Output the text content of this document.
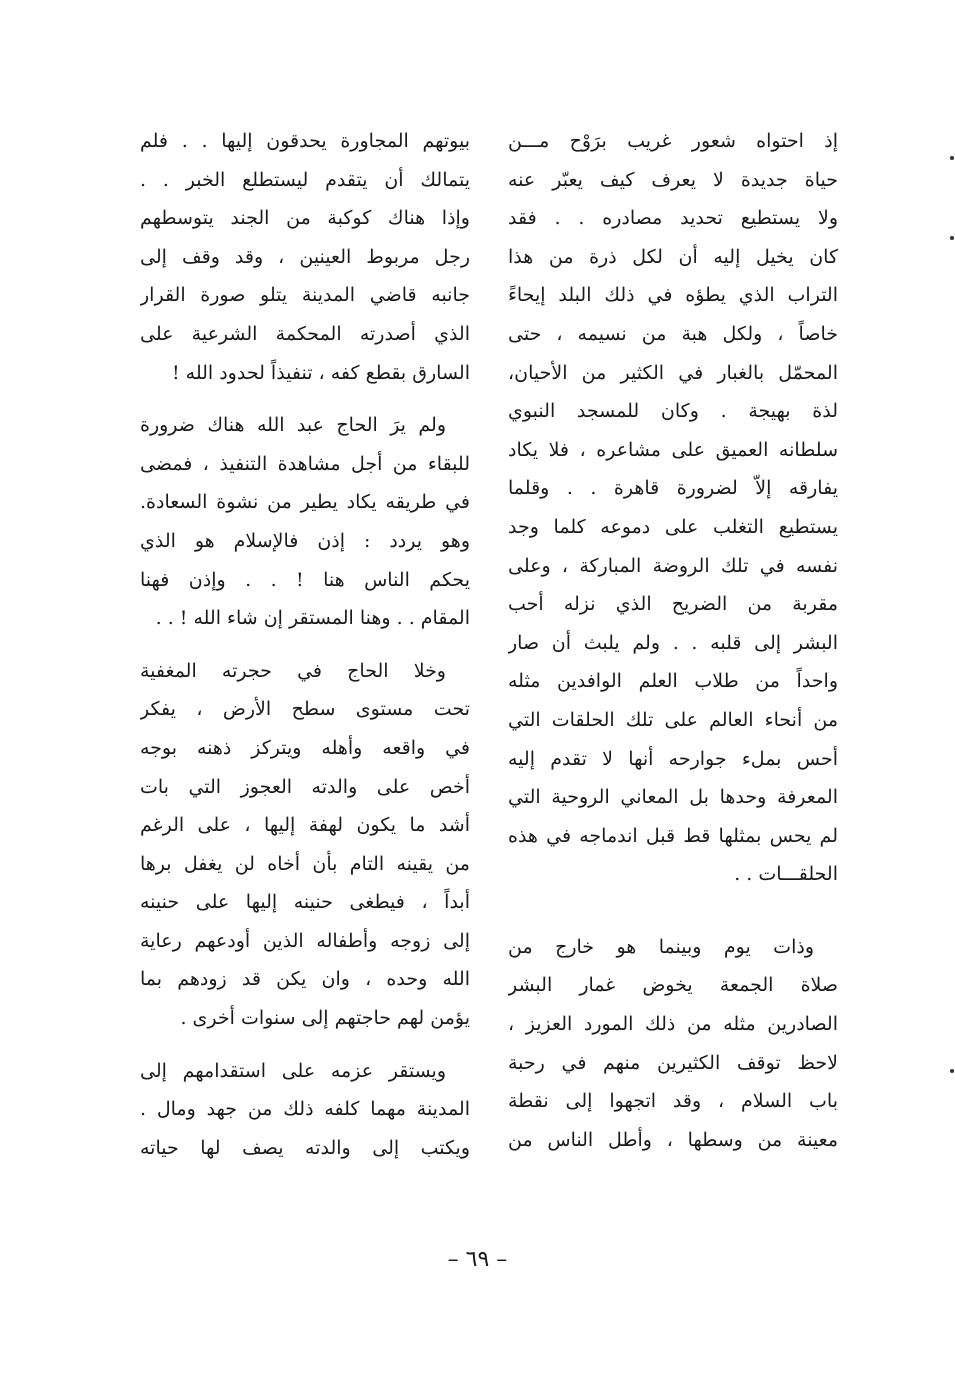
إذ احتواه شعور غريب برَوْح مـــن
حياة جديدة لا يعرف كيف يعبّر عنه
ولا يستطيع تحديد مصادره . . فقد
كان يخيل إليه أن لكل ذرة من هذا
التراب الذي يطؤه في ذلك البلد إيحاءً
خاصاً ، ولكل هبة من نسيمه ، حتى
المحمّل بالغبار في الكثير من الأحيان،
لذة بهيجة . وكان للمسجد النبوي
سلطانه العميق على مشاعره ، فلا يكاد
يفارقه إلاّ لضرورة قاهرة . . وقلما
يستطيع التغلب على دموعه كلما وجد
نفسه في تلك الروضة المباركة ، وعلى
مقربة من الضريح الذي نزله أحب
البشر إلى قلبه . . ولم يلبث أن صار
واحداً من طلاب العلم الوافدين مثله
من أنحاء العالم على تلك الحلقات التي
أحس بملء جوارحه أنها لا تقدم إليه
المعرفة وحدها بل المعاني الروحية التي
لم يحس بمثلها قط قبل اندماجه في هذه
الحلقـــات . .
وذات يوم وبينما هو خارج من
صلاة الجمعة يخوض غمار البشر
الصادرين مثله من ذلك المورد العزيز ،
لاحظ توقف الكثيرين منهم في رحبة
باب السلام ، وقد اتجهوا إلى نقطة
معينة من وسطها ، وأطل الناس من
بيوتهم المجاورة يحدقون إليها . . فلم
يتمالك أن يتقدم ليستطلع الخبر . .
وإذا هناك كوكبة من الجند يتوسطهم
رجل مربوط العينين ، وقد وقف إلى
جانبه قاضي المدينة يتلو صورة القرار
الذي أصدرته المحكمة الشرعية على
السارق بقطع كفه ، تنفيذاً لحدود الله !
ولم يرَ الحاج عبد الله هناك ضرورة
للبقاء من أجل مشاهدة التنفيذ ، فمضى
في طريقه يكاد يطير من نشوة السعادة.
وهو يردد : إذن فالإسلام هو الذي
يحكم الناس هنا ! . . وإذن فهنا
المقام . . وهنا المستقر إن شاء الله ! . .
وخلا الحاج في حجرته المغفية
تحت مستوى سطح الأرض ، يفكر
في واقعه وأهله ويتركز ذهنه بوجه
أخص على والدته العجوز التي بات
أشد ما يكون لهفة إليها ، على الرغم
من يقينه التام بأن أخاه لن يغفل برها
أبداً ، فيطغى حنينه إليها على حنينه
إلى زوجه وأطفاله الذين أودعهم رعاية
الله وحده ، وان يكن قد زودهم بما
يؤمن لهم حاجتهم إلى سنوات أخرى .
ويستقر عزمه على استقدامهم إلى
المدينة مهما كلفه ذلك من جهد ومال .
ويكتب إلى والدته يصف لها حياته
– ٦٩ –
